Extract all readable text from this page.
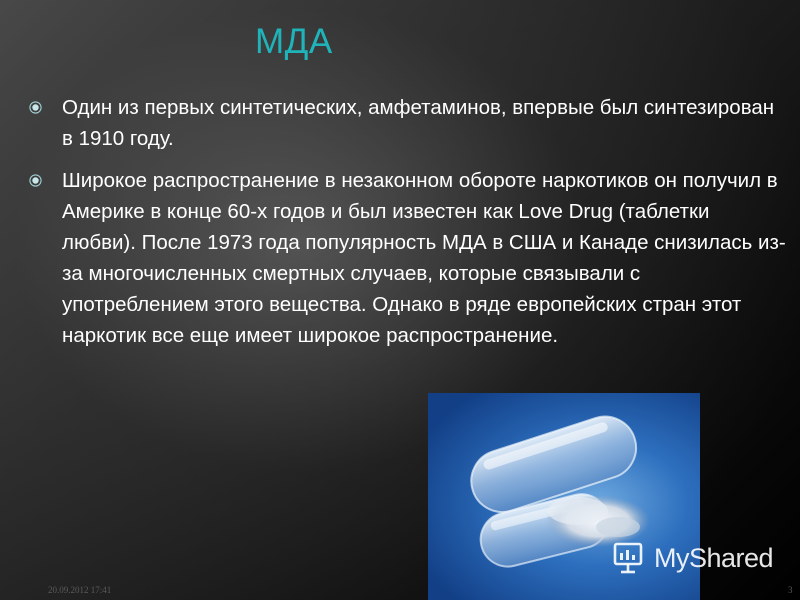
МДА
Один из первых синтетических, амфетаминов, впервые был синтезирован в 1910 году.
Широкое распространение в незаконном обороте наркотиков он получил в Америке в конце 60-х годов и был известен как Love Drug (таблетки любви). После 1973 года популярность МДА в США и Канаде снизилась из-за многочисленных смертных случаев, которые связывали с употреблением этого вещества. Однако в ряде европейских стран этот наркотик все еще имеет широкое распространение.
MyShared
20.09.2012 17:41	3
